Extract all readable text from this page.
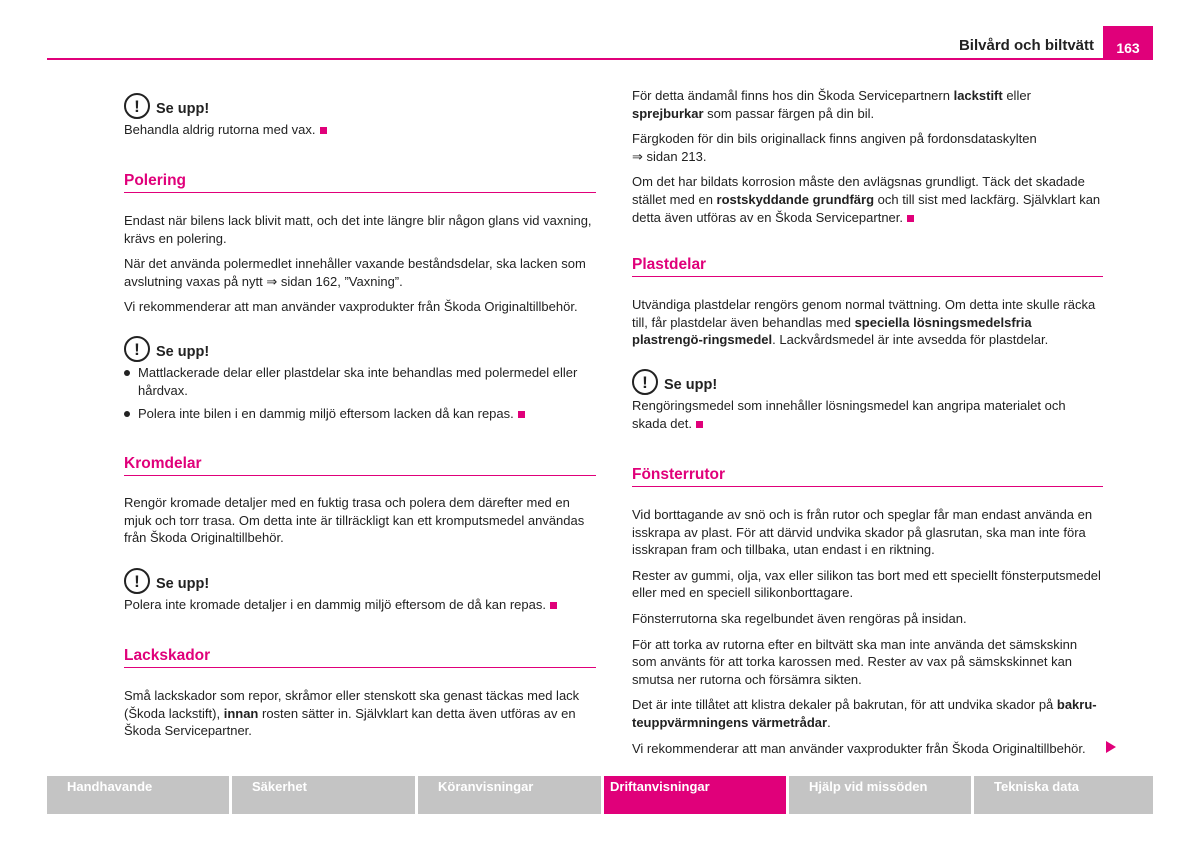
Bilvård och biltvätt	163
!	Se upp!
Behandla aldrig rutorna med vax.
Polering

Endast när bilens lack blivit matt, och det inte längre blir någon glans vid vaxning, krävs en polering.

När det använda polermedlet innehåller vaxande beståndsdelar, ska lacken som avslutning vaxas på nytt ⇒ sidan 162, ”Vaxning”.

Vi rekommenderar att man använder vaxprodukter från Škoda Originaltillbehör.

!	Se upp!
Mattlackerade delar eller plastdelar ska inte behandlas med polermedel eller hårdvax.
Polera inte bilen i en dammig miljö eftersom lacken då kan repas.
Kromdelar

Rengör kromade detaljer med en fuktig trasa och polera dem därefter med en mjuk och torr trasa. Om detta inte är tillräckligt kan ett kromputsmedel användas från Škoda Originaltillbehör.

!	Se upp!
Polera inte kromade detaljer i en dammig miljö eftersom de då kan repas.
Lackskador

Små lackskador som repor, skråmor eller stenskott ska genast täckas med lack (Škoda lackstift), innan rosten sätter in. Självklart kan detta även utföras av en Škoda Servicepartner.

För detta ändamål finns hos din Škoda Servicepartnern lackstift eller sprejburkar som passar färgen på din bil.

Färgkoden för din bils originallack finns angiven på fordonsdataskylten
⇒ sidan 213.

Om det har bildats korrosion måste den avlägsnas grundligt. Täck det skadade stället med en rostskyddande grundfärg och till sist med lackfärg. Självklart kan detta även utföras av en Škoda Servicepartner.

Plastdelar

Utvändiga plastdelar rengörs genom normal tvättning. Om detta inte skulle räcka till, får plastdelar även behandlas med speciella lösningsmedelsfria plastrengö-ringsmedel. Lackvårdsmedel är inte avsedda för plastdelar.

!	Se upp!
Rengöringsmedel som innehåller lösningsmedel kan angripa materialet och skada det.
Fönsterrutor

Vid borttagande av snö och is från rutor och speglar får man endast använda en isskrapa av plast. För att därvid undvika skador på glasrutan, ska man inte föra isskrapan fram och tillbaka, utan endast i en riktning.

Rester av gummi, olja, vax eller silikon tas bort med ett speciellt fönsterputsmedel eller med en speciell silikonborttagare.

Fönsterrutorna ska regelbundet även rengöras på insidan.

För att torka av rutorna efter en biltvätt ska man inte använda det sämskskinn som använts för att torka karossen med. Rester av vax på sämskskinnet kan smutsa ner rutorna och försämra sikten.

Det är inte tillåtet att klistra dekaler på bakrutan, för att undvika skador på bakru-teuppvärmningens värmetrådar.

Vi rekommenderar att man använder vaxprodukter från Škoda Originaltillbehör.

Handhavande	Säkerhet	Köranvisningar	Driftanvisningar	Hjälp vid missöden	Tekniska data
